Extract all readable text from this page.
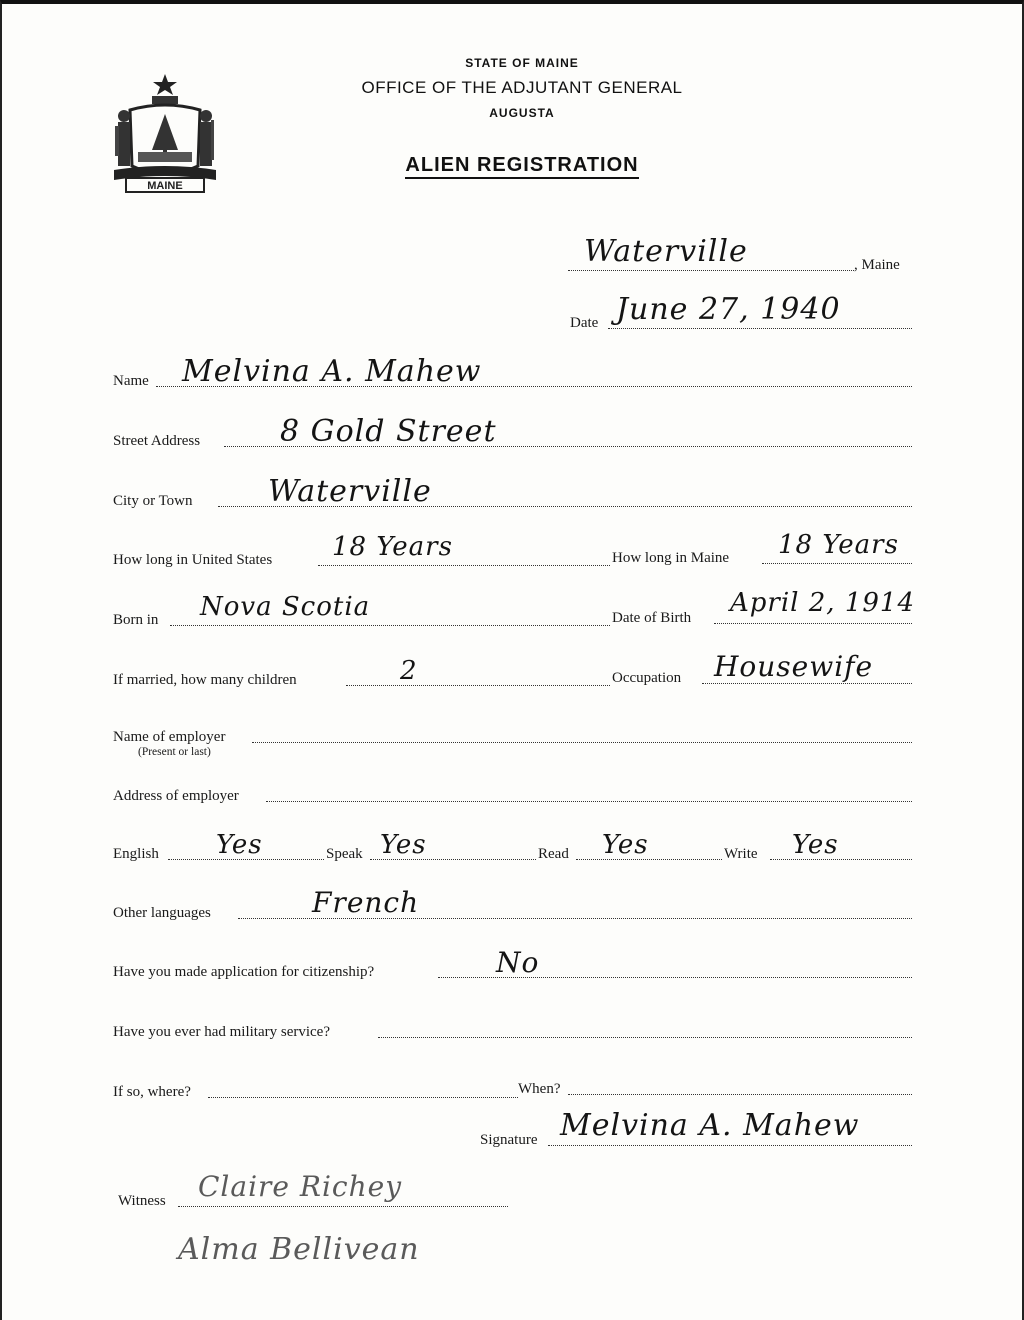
MAINE
STATE OF MAINE
OFFICE OF THE ADJUTANT GENERAL
AUGUSTA
ALIEN REGISTRATION
Waterville	, Maine
Date June 27, 1940
Name Melvina A. Mahew
Street Address	8 Gold Street
City or Town	Waterville
How long in United States 18 Years	How long in Maine 18 Years
Born in Nova Scotia	Date of Birth April 2, 1914
If married, how many children	2	Occupation Housewife
Name of employer
(Present or last)
Address of employer
English Yes	Speak Yes	Read Yes	Write Yes
Other languages	French
Have you made application for citizenship?	No
Have you ever had military service?
If so, where?	When?
Signature Melvina A. Mahew
Witness Claire Richey
Alma Bellivean
